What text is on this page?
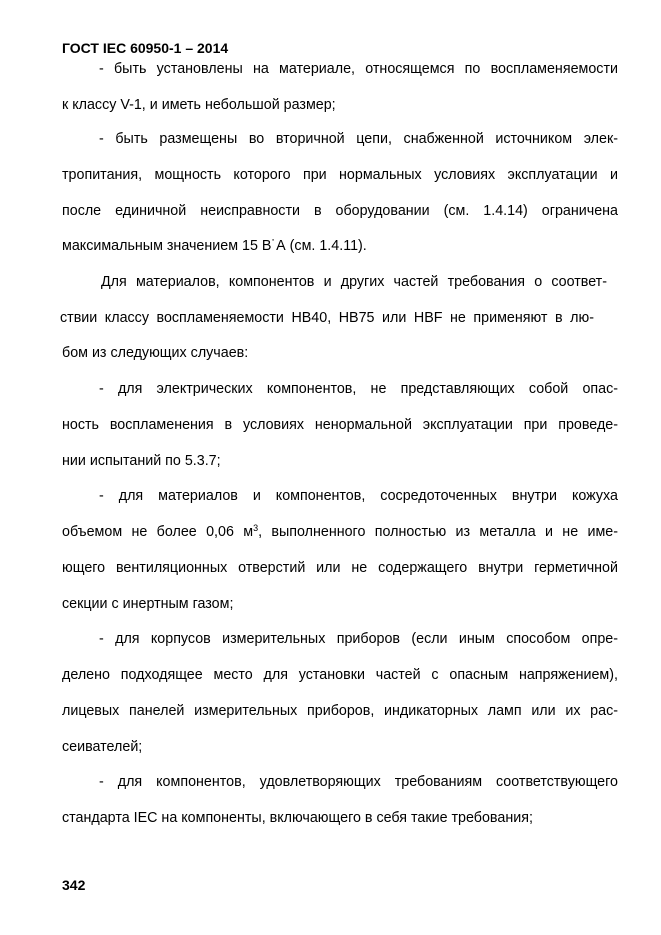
ГОСТ IEC 60950-1 – 2014
- быть установлены на материале, относящемся по воспламеняемости
к классу V-1, и иметь небольшой размер;
- быть размещены во вторичной цепи, снабженной источником элек-
тропитания, мощность которого при нормальных условиях эксплуатации и
после единичной неисправности в оборудовании (см. 1.4.14) ограничена
максимальным значением 15 В˙А (см. 1.4.11).
Для материалов, компонентов и других частей требования о соответ-
ствии классу воспламеняемости НВ40, НВ75 или HBF не применяют в лю-
бом из следующих случаев:
- для электрических компонентов, не представляющих собой опас-
ность воспламенения в условиях ненормальной эксплуатации при проведе-
нии испытаний по 5.3.7;
- для материалов и компонентов, сосредоточенных внутри кожуха
объемом не более 0,06 $м^3$, выполненного полностью из металла и не име-
ющего вентиляционных отверстий или не содержащего внутри герметичной
секции с инертным газом;
- для корпусов измерительных приборов (если иным способом опре-
делено подходящее место для установки частей с опасным напряжением),
лицевых панелей измерительных приборов, индикаторных ламп или их рас-
сеивателей;
- для компонентов, удовлетворяющих требованиям соответствующего
стандарта IEC на компоненты, включающего в себя такие требования;
342
